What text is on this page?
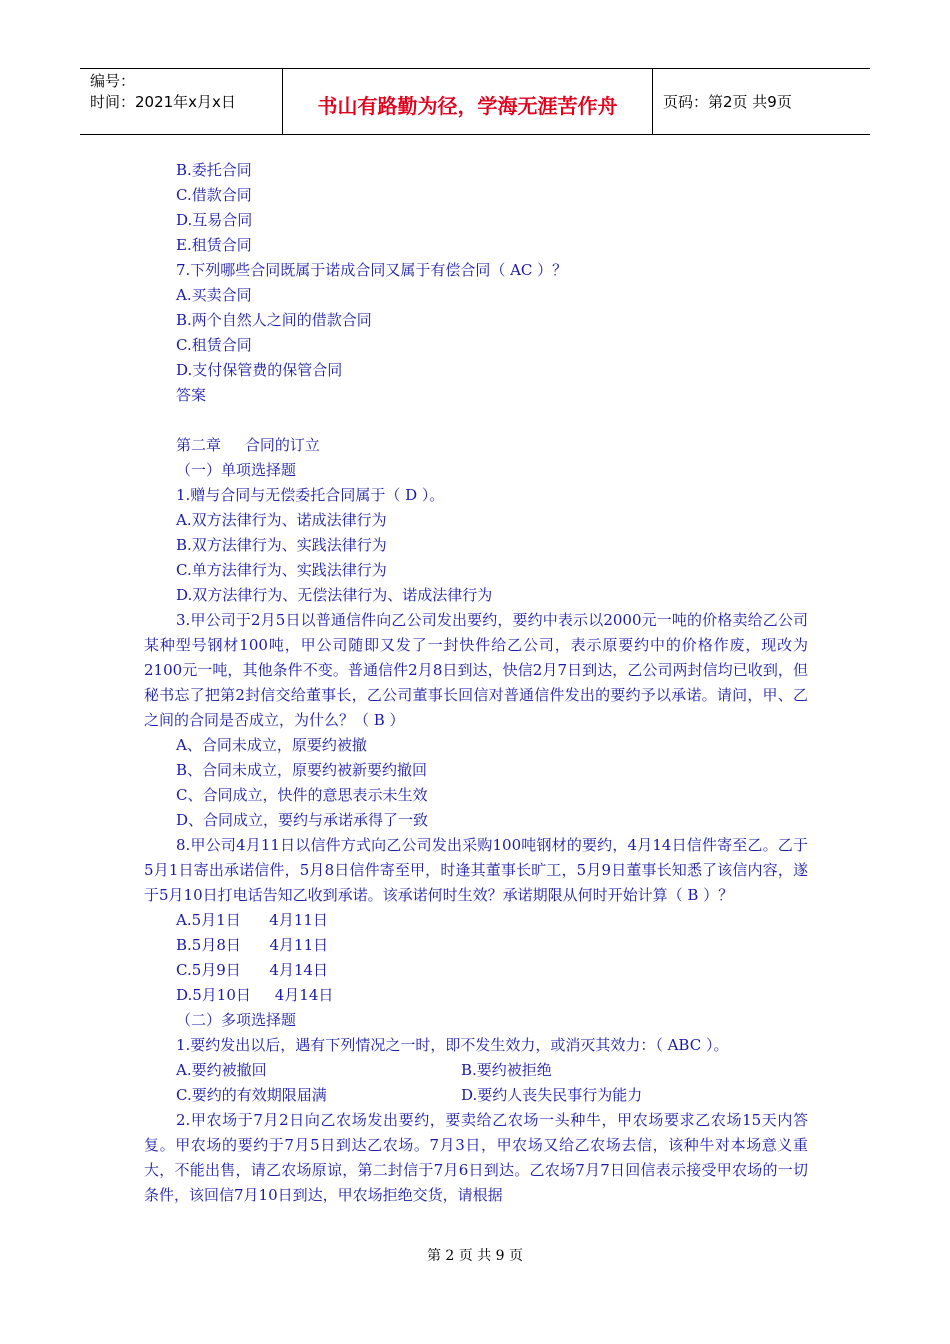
编号：
时间：2021年x月x日	书山有路勤为径，学海无涯苦作舟	页码：第2页 共9页
B.委托合同
C.借款合同
D.互易合同
E.租赁合同
7.下列哪些合同既属于诺成合同又属于有偿合同（ AC ）？
A.买卖合同
B.两个自然人之间的借款合同
C.租赁合同
D.支付保管费的保管合同
答案
第二章     合同的订立
（一）单项选择题
1.赠与合同与无偿委托合同属于（ D ）。
A.双方法律行为、诺成法律行为
B.双方法律行为、实践法律行为
C.单方法律行为、实践法律行为
D.双方法律行为、无偿法律行为、诺成法律行为
3.甲公司于2月5日以普通信件向乙公司发出要约，要约中表示以2000元一吨的价格卖给乙公司某种型号钢材100吨，甲公司随即又发了一封快件给乙公司，表示原要约中的价格作废，现改为2100元一吨，其他条件不变。普通信件2月8日到达，快信2月7日到达，乙公司两封信均已收到，但秘书忘了把第2封信交给董事长，乙公司董事长回信对普通信件发出的要约予以承诺。请问，甲、乙之间的合同是否成立，为什么？（ B ）
A、合同未成立，原要约被撤
B、合同未成立，原要约被新要约撤回
C、合同成立，快件的意思表示未生效
D、合同成立，要约与承诺承得了一致
8.甲公司4月11日以信件方式向乙公司发出采购100吨钢材的要约，4月14日信件寄至乙。乙于5月1日寄出承诺信件，5月8日信件寄至甲，时逢其董事长旷工，5月9日董事长知悉了该信内容，遂于5月10日打电话告知乙收到承诺。该承诺何时生效？承诺期限从何时开始计算（ B ）？
A.5月1日      4月11日
B.5月8日      4月11日
C.5月9日      4月14日
D.5月10日     4月14日
（二）多项选择题
1.要约发出以后，遇有下列情况之一时，即不发生效力，或消灭其效力：（ ABC ）。
A.要约被撤回	B.要约被拒绝
C.要约的有效期限届满	D.要约人丧失民事行为能力
2.甲农场于7月2日向乙农场发出要约，要卖给乙农场一头种牛，甲农场要求乙农场15天内答复。甲农场的要约于7月5日到达乙农场。7月3日，甲农场又给乙农场去信，该种牛对本场意义重大，不能出售，请乙农场原谅，第二封信于7月6日到达。乙农场7月7日回信表示接受甲农场的一切条件，该回信7月10日到达，甲农场拒绝交货，请根据
第 2 页 共 9 页
